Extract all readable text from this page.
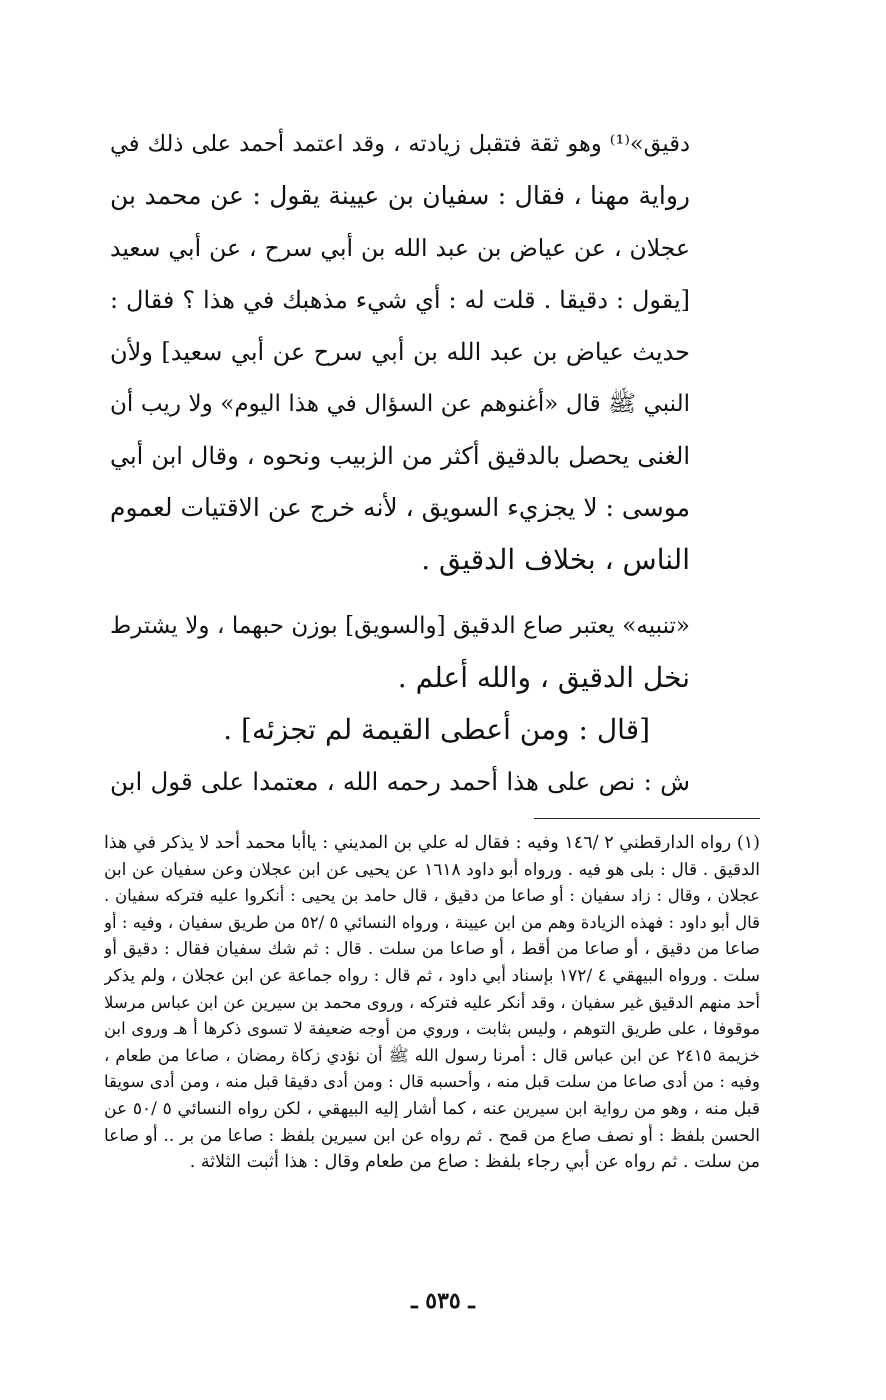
دقيق»⁽¹⁾ وهو ثقة فتقبل زيادته ، وقد اعتمد أحمد على ذلك في
رواية مهنا ، فقال : سفيان بن عيينة يقول : عن محمد بن
عجلان ، عن عياض بن عبد الله بن أبي سرح ، عن أبي سعيد
[يقول : دقيقا . قلت له : أي شيء مذهبك في هذا ؟ فقال :
حديث عياض بن عبد الله بن أبي سرح عن أبي سعيد] ولأن
النبي ﷺ قال «أغنوهم عن السؤال في هذا اليوم» ولا ريب أن
الغنى يحصل بالدقيق أكثر من الزبيب ونحوه ، وقال ابن أبي
موسى : لا يجزيء السويق ، لأنه خرج عن الاقتيات لعموم
الناس ، بخلاف الدقيق .
«تنبيه» يعتبر صاع الدقيق [والسويق] بوزن حبهما ، ولا يشترط
نخل الدقيق ، والله أعلم .
[قال : ومن أعطى القيمة لم تجزئه] .
ش : نص على هذا أحمد رحمه الله ، معتمدا على قول ابن
(١) رواه الدارقطني ٢ /١٤٦ وفيه : فقال له علي بن المديني : ياأبا محمد أحد لا يذكر في هذا
الدقيق . قال : بلى هو فيه . ورواه أبو داود ١٦١٨ عن يحيى عن ابن عجلان وعن سفيان عن ابن
عجلان ، وقال : زاد سفيان : أو صاعا من دقيق ، قال حامد بن يحيى : أنكروا عليه فتركه سفيان .
قال أبو داود : فهذه الزيادة وهم من ابن عيينة ، ورواه النسائي ٥ /٥٢ من طريق سفيان ، وفيه : أو
صاعا من دقيق ، أو صاعا من أقط ، أو صاعا من سلت . قال : ثم شك سفيان فقال : دقيق أو
سلت . ورواه البيهقي ٤ /١٧٢ بإسناد أبي داود ، ثم قال : رواه جماعة عن ابن عجلان ، ولم يذكر
أحد منهم الدقيق غير سفيان ، وقد أنكر عليه فتركه ، وروى محمد بن سيرين عن ابن عباس مرسلا
موقوفا ، على طريق التوهم ، وليس بثابت ، وروي من أوجه ضعيفة لا تسوى ذكرها أ هـ وروى ابن
خزيمة ٢٤١٥ عن ابن عباس قال : أمرنا رسول الله ﷺ أن نؤدي زكاة رمضان ، صاعا من طعام ،
وفيه : من أدى صاعا من سلت قبل منه ، وأحسبه قال : ومن أدى دقيقا قبل منه ، ومن أدى سويقا
قبل منه ، وهو من رواية ابن سيرين عنه ، كما أشار إليه البيهقي ، لكن رواه النسائي ٥ /٥٠ عن
الحسن بلفظ : أو نصف صاع من قمح . ثم رواه عن ابن سيرين بلفظ : صاعا من بر .. أو صاعا
من سلت . ثم رواه عن أبي رجاء بلفظ : صاع من طعام وقال : هذا أثبت الثلاثة .
ـ ٥٣٥ ـ
